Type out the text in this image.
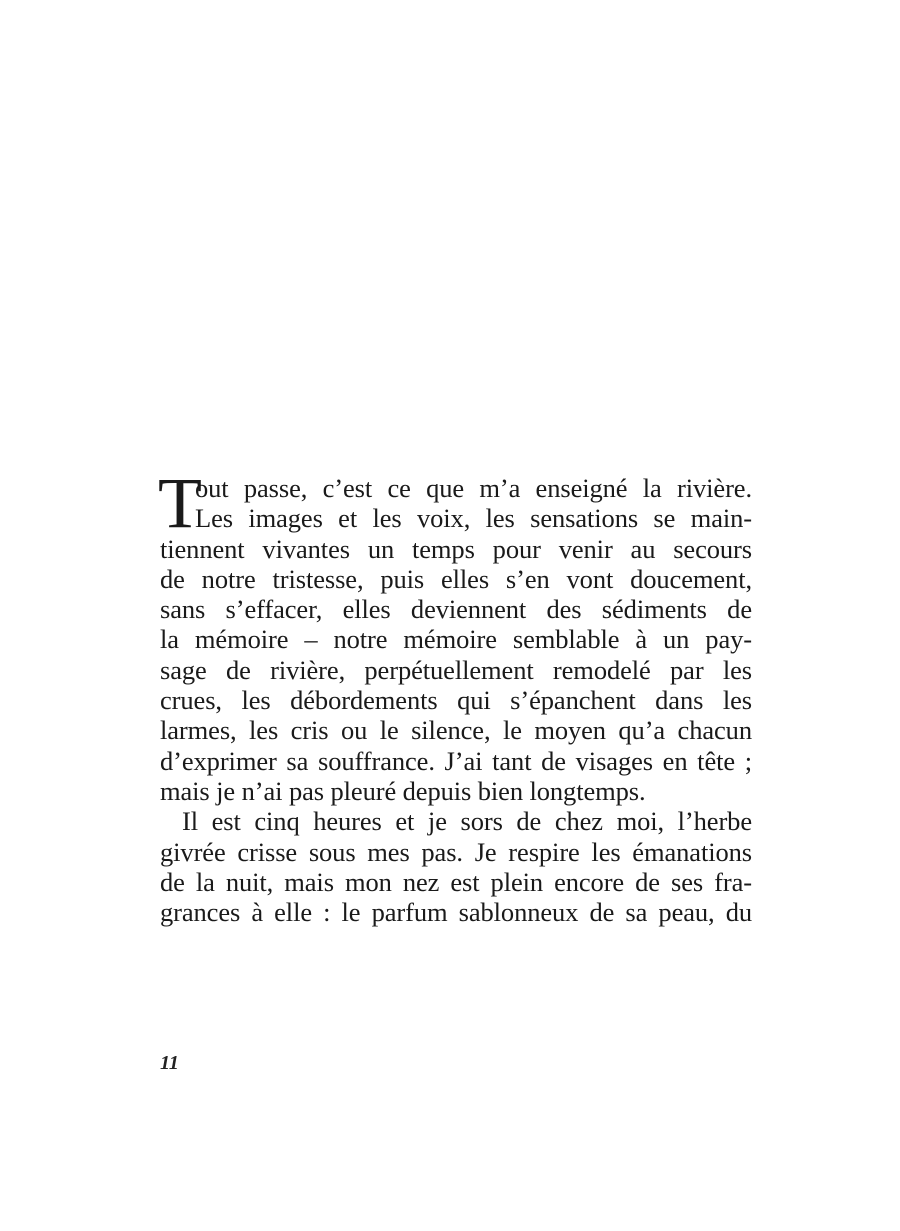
T
out passe, c’est ce que m’a enseigné la rivière.
Les images et les voix, les sensations se main-
tiennent vivantes un temps pour venir au secours
de notre tristesse, puis elles s’en vont doucement,
sans s’effacer, elles deviennent des sédiments de
la mémoire – notre mémoire semblable à un pay-
sage de rivière, perpétuellement remodelé par les
crues, les débordements qui s’épanchent dans les
larmes, les cris ou le silence, le moyen qu’a chacun
d’exprimer sa souffrance. J’ai tant de visages en tête ;
mais je n’ai pas pleuré depuis bien longtemps.
Il est cinq heures et je sors de chez moi, l’herbe
givrée crisse sous mes pas. Je respire les émanations
de la nuit, mais mon nez est plein encore de ses fra-
grances à elle : le parfum sablonneux de sa peau, du
11
